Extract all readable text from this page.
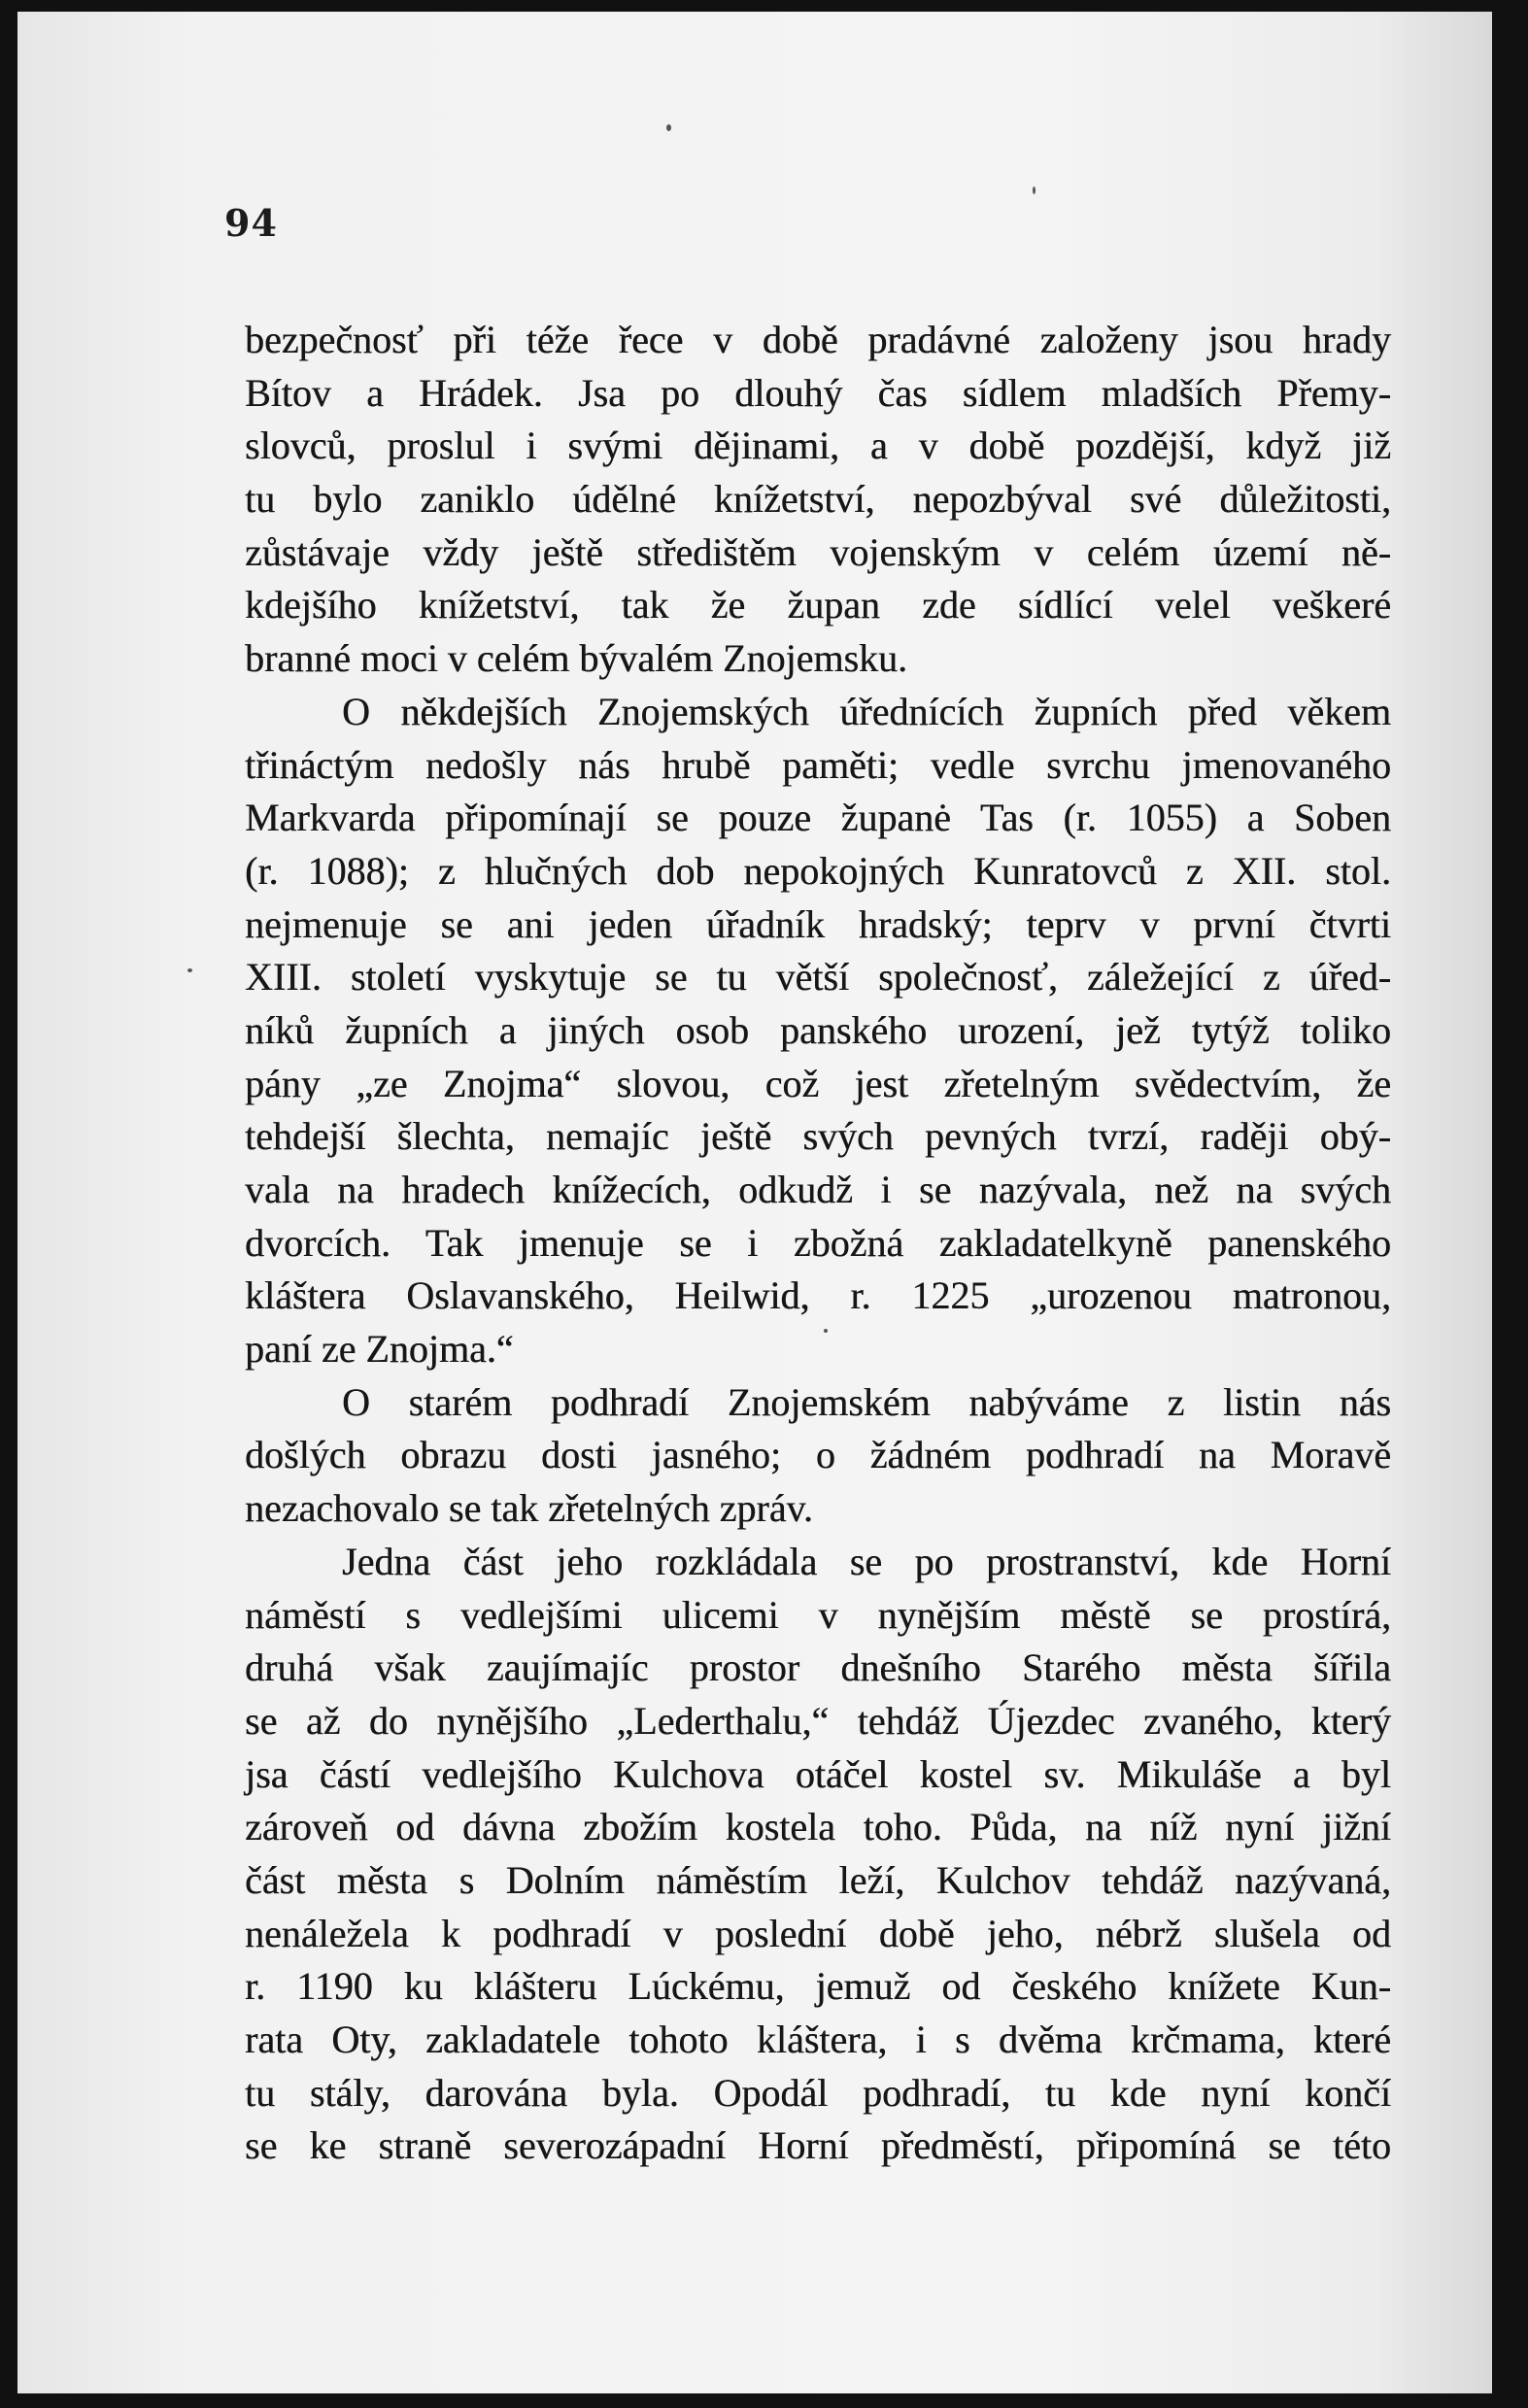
94
bezpečnosť při téže řece v době pradávné založeny jsou hrady
Bítov a Hrádek. Jsa po dlouhý čas sídlem mladších Přemy-
slovců, proslul i svými dějinami, a v době pozdější, když již
tu bylo zaniklo údělné knížetství, nepozbýval své důležitosti,
zůstávaje vždy ještě středištěm vojenským v celém území ně-
kdejšího knížetství, tak že župan zde sídlící velel veškeré
branné moci v celém bývalém Znojemsku.
O někdejších Znojemských úřednících župních před věkem
třináctým nedošly nás hrubě paměti; vedle svrchu jmenovaného
Markvarda připomínají se pouze županė Tas (r. 1055) a Soben
(r. 1088); z hlučných dob nepokojných Kunratovců z XII. stol.
nejmenuje se ani jeden úřadník hradský; teprv v první čtvrti
XIII. století vyskytuje se tu větší společnosť, záležející z úřed-
níků župních a jiných osob panského urození, jež tytýž toliko
pány „ze Znojma“ slovou, což jest zřetelným svědectvím, že
tehdejší šlechta, nemajíc ještě svých pevných tvrzí, raději obý-
vala na hradech knížecích, odkudž i se nazývala, než na svých
dvorcích. Tak jmenuje se i zbožná zakladatelkyně panenského
kláštera Oslavanského, Heilwid, r. 1225 „urozenou matronou,
paní ze Znojma.“
O starém podhradí Znojemském nabýváme z listin nás
došlých obrazu dosti jasného; o žádném podhradí na Moravě
nezachovalo se tak zřetelných zpráv.
Jedna část jeho rozkládala se po prostranství, kde Horní
náměstí s vedlejšími ulicemi v nynějším městě se prostírá,
druhá však zaujímajíc prostor dnešního Starého města šířila
se až do nynějšího „Lederthalu,“ tehdáž Újezdec zvaného, který
jsa částí vedlejšího Kulchova otáčel kostel sv. Mikuláše a byl
zároveň od dávna zbožím kostela toho. Půda, na níž nyní jižní
část města s Dolním náměstím leží, Kulchov tehdáž nazývaná,
nenáležela k podhradí v poslední době jeho, nébrž slušela od
r. 1190 ku klášteru Lúckému, jemuž od českého knížete Kun-
rata Oty, zakladatele tohoto kláštera, i s dvěma krčmama, které
tu stály, darována byla. Opodál podhradí, tu kde nyní končí
se ke straně severozápadní Horní předměstí, připomíná se této
